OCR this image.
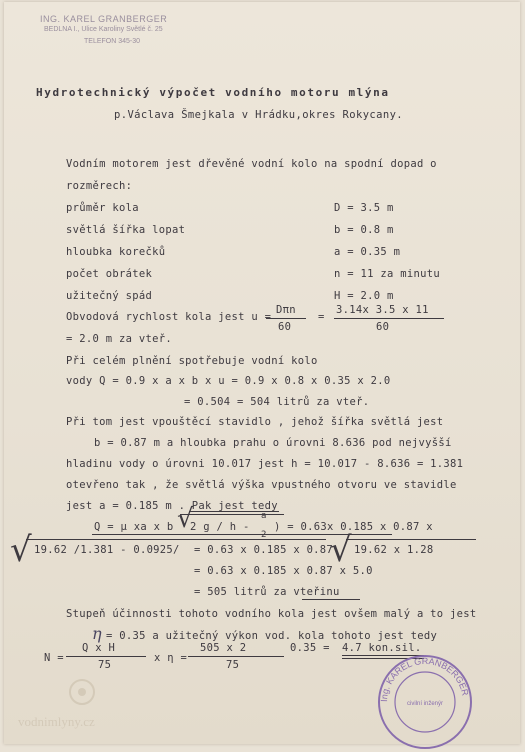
ING. KAREL GRANBERGER
BEDLNA I., Ulice Karoliny Světlé č. 25
TELEFON 345-30
Hydrotechnický výpočet vodního motoru mlýna
p.Václava Šmejkala v Hrádku,okres Rokycany.
Vodním motorem jest dřevěné vodní kolo na spodní dopad o
rozměrech:
průměr kola	D = 3.5 m
světlá šířka lopat	b = 0.8 m
hloubka korečků	a = 0.35 m
počet obrátek	n = 11 za minutu
užitečný spád	H = 2.0 m
Obvodová rychlost kola jest u =
Dπn
60
=
3.14x 3.5 x 11
60
= 2.0 m za vteř.
Při celém plnění spotřebuje vodní kolo
vody Q = 0.9 x a x b x u = 0.9 x 0.8 x 0.35 x 2.0
= 0.504 = 504 litrů za vteř.
Při tom jest vpouštěcí stavidlo , jehož šířka světlá jest
b = 0.87 m a hloubka prahu o úrovni 8.636 pod nejvyšší
hladinu vody o úrovni 10.017 jest h = 10.017 - 8.636 = 1.381
otevřeno tak , že světlá výška vpustného otvoru ve stavidle
jest a = 0.185 m . Pak jest tedy
Q = μ xa x b √
2 g / h -
a
2
) = 0.63x 0.185 x 0.87 x
√ 19.62 /1.381 - 0.0925/ = 0.63 x 0.185 x 0.87
√ 19.62 x 1.28
= 0.63 x 0.185 x 0.87 x 5.0
= 505 litrů za vteřinu
Stupeň účinnosti tohoto vodního kola jest ovšem malý a to jest
η = 0.35 a užitečný výkon vod. kola tohoto jest tedy
N =
Q x H
75
x η =
505 x 2
75
0.35 = 4.7 kon.sil.
Ing. KAREL GRANBERGER
civilní inženýr
vodnimlyny.cz
